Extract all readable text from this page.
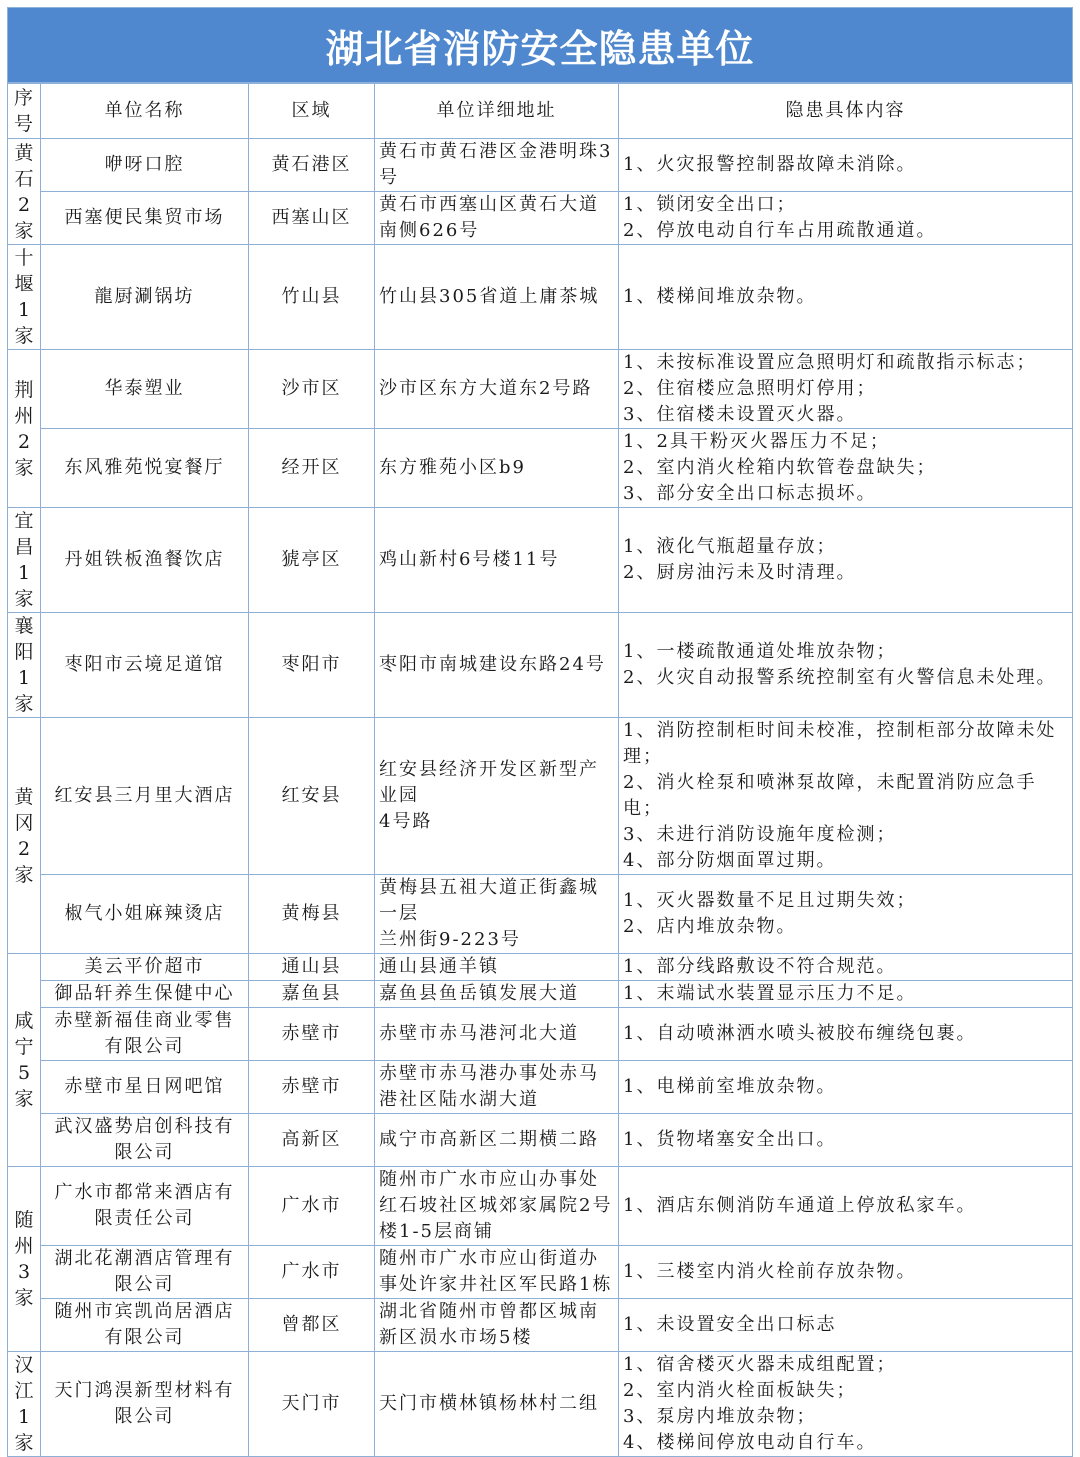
湖北省消防安全隐患单位
序号	单位名称	区域	单位详细地址	隐患具体内容
黄石2家	咿呀口腔	黄石港区	黄石市黄石港区金港明珠3号	1、火灾报警控制器故障未消除。

	西塞便民集贸市场	西塞山区	黄石市西塞山区黄石大道南侧626号	1、锁闭安全出口；
2、停放电动自行车占用疏散通道。

十堰1家	龍厨涮锅坊	竹山县	竹山县305省道上庸茶城	1、楼梯间堆放杂物。

荆州2家	华泰塑业	沙市区	沙市区东方大道东2号路	1、未按标准设置应急照明灯和疏散指示标志；
2、住宿楼应急照明灯停用；
3、住宿楼未设置灭火器。

	东风雅苑悦宴餐厅	经开区	东方雅苑小区b9	1、2具干粉灭火器压力不足；
2、室内消火栓箱内软管卷盘缺失；
3、部分安全出口标志损坏。

宜昌1家	丹姐铁板渔餐饮店	猇亭区	鸡山新村6号楼11号	1、液化气瓶超量存放；
2、厨房油污未及时清理。

襄阳1家	枣阳市云境足道馆	枣阳市	枣阳市南城建设东路24号	1、一楼疏散通道处堆放杂物；
2、火灾自动报警系统控制室有火警信息未处理。

黄冈2家	红安县三月里大酒店	红安县	红安县经济开发区新型产业园
4号路	1、消防控制柜时间未校准，控制柜部分故障未处理；
2、消火栓泵和喷淋泵故障，未配置消防应急手电；
3、未进行消防设施年度检测；
4、部分防烟面罩过期。

	椒气小姐麻辣烫店	黄梅县	黄梅县五祖大道正街鑫城一层
兰州街9-223号	1、灭火器数量不足且过期失效；
2、店内堆放杂物。

咸宁5家	美云平价超市	通山县	通山县通羊镇	1、部分线路敷设不符合规范。

	御品轩养生保健中心	嘉鱼县	嘉鱼县鱼岳镇发展大道	1、末端试水装置显示压力不足。

	赤壁新福佳商业零售
有限公司	赤壁市	赤壁市赤马港河北大道	1、自动喷淋洒水喷头被胶布缠绕包裹。

	赤壁市星日网吧馆	赤壁市	赤壁市赤马港办事处赤马港社区陆水湖大道	1、电梯前室堆放杂物。

	武汉盛势启创科技有
限公司	高新区	咸宁市高新区二期横二路	1、货物堵塞安全出口。

随州3家	广水市都常来酒店有
限责任公司	广水市	随州市广水市应山办事处红石坡社区城郊家属院2号楼1-5层商铺	1、酒店东侧消防车通道上停放私家车。

	湖北花潮酒店管理有
限公司	广水市	随州市广水市应山街道办事处许家井社区军民路1栋	1、三楼室内消火栓前存放杂物。

	随州市宾凯尚居酒店
有限公司	曾都区	湖北省随州市曾都区城南新区涢水市场5楼	1、未设置安全出口标志

汉江1家	天门鸿淏新型材料有
限公司	天门市	天门市横林镇杨林村二组	1、宿舍楼灭火器未成组配置；
2、室内消火栓面板缺失；
3、泵房内堆放杂物；
4、楼梯间停放电动自行车。
